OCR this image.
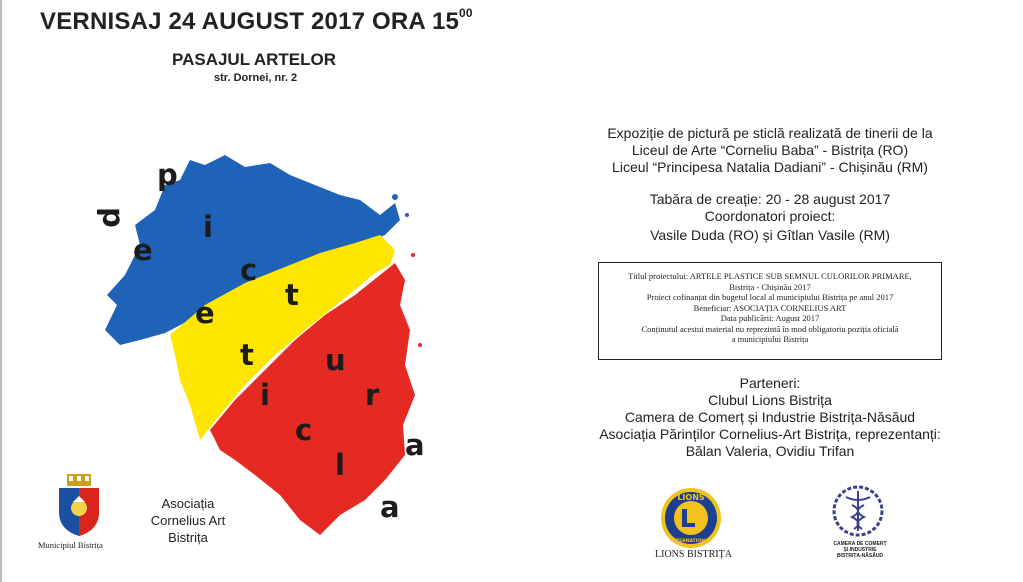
VERNISAJ 24 AUGUST 2017 ORA $15^{00}$
PASAJUL ARTELOR
str. Dornei, nr. 2
p
p
e
i
c
e
t
t u
i	r
c
l
a
a
Expoziție de pictură pe sticlă realizată de tinerii de la
Liceul de Arte “Corneliu Baba” - Bistrița (RO)
Liceul “Principesa Natalia Dadiani” - Chișinău (RM)
Tabăra de creație: 20 - 28 august 2017
Coordonatori proiect:
Vasile Duda (RO) și Gîtlan Vasile (RM)
Titlul proiectului: ARTELE PLASTICE SUB SEMNUL CULORILOR PRIMARE,
Bistrița - Chișinău 2017
Proiect cofinanțat din bugetul local al municipiului Bistrița pe anul 2017
Beneficiar: ASOCIAȚIA CORNELIUS ART
Data publicării: August 2017
Conținutul acestui material nu reprezintă în mod obligatoriu poziția oficială
a municipiului Bistrița
Parteneri:
Clubul Lions Bistrița
Camera de Comerț și Industrie Bistrița-Năsăud
Asociația Părinților Cornelius-Art Bistrița, reprezentanți:
Bălan Valeria, Ovidiu Trifan
Municipiul Bistrița
Asociația
Cornelius Art
Bistrița
LIONS
INTERNATIONAL
LIONS BISTRIȚA
CAMERA DE COMERȚ
ȘI INDUSTRIE
BISTRIȚA-NĂSĂUD
